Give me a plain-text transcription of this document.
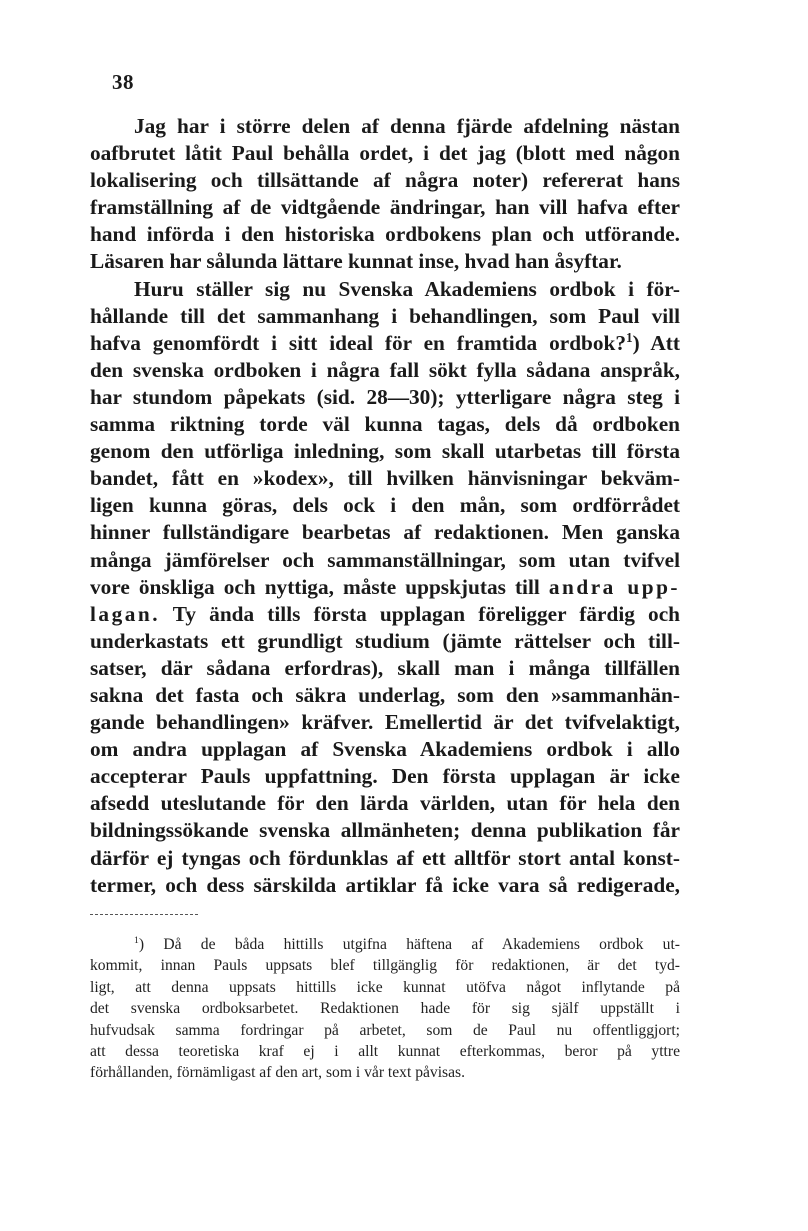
38
Jag har i större delen af denna fjärde afdelning nästan
oafbrutet låtit Paul behålla ordet, i det jag (blott med någon
lokalisering och tillsättande af några noter) refererat hans
framställning af de vidtgående ändringar, han vill hafva efter
hand införda i den historiska ordbokens plan och utförande.
Läsaren har sålunda lättare kunnat inse, hvad han åsyftar.
Huru ställer sig nu Svenska Akademiens ordbok i för-
hållande till det sammanhang i behandlingen, som Paul vill
hafva genomfördt i sitt ideal för en framtida ordbok?$^1$) Att
den svenska ordboken i några fall sökt fylla sådana anspråk,
har stundom påpekats (sid. 28—30); ytterligare några steg i
samma riktning torde väl kunna tagas, dels då ordboken
genom den utförliga inledning, som skall utarbetas till första
bandet, fått en »kodex», till hvilken hänvisningar bekväm-
ligen kunna göras, dels ock i den mån, som ordförrådet
hinner fullständigare bearbetas af redaktionen. Men ganska
många jämförelser och sammanställningar, som utan tvifvel
vore önskliga och nyttiga, måste uppskjutas till andra upp-
lagan. Ty ända tills första upplagan föreligger färdig och
underkastats ett grundligt studium (jämte rättelser och till-
satser, där sådana erfordras), skall man i många tillfällen
sakna det fasta och säkra underlag, som den »sammanhän-
gande behandlingen» kräfver. Emellertid är det tvifvelaktigt,
om andra upplagan af Svenska Akademiens ordbok i allo
accepterar Pauls uppfattning. Den första upplagan är icke
afsedd uteslutande för den lärda världen, utan för hela den
bildningssökande svenska allmänheten; denna publikation får
därför ej tyngas och fördunklas af ett alltför stort antal konst-
termer, och dess särskilda artiklar få icke vara så redigerade,
$^1$) Då de båda hittills utgifna häftena af Akademiens ordbok ut-
kommit, innan Pauls uppsats blef tillgänglig för redaktionen, är det tyd-
ligt, att denna uppsats hittills icke kunnat utöfva något inflytande på
det svenska ordboksarbetet. Redaktionen hade för sig själf uppställt i
hufvudsak samma fordringar på arbetet, som de Paul nu offentliggjort;
att dessa teoretiska kraf ej i allt kunnat efterkommas, beror på yttre
förhållanden, förnämligast af den art, som i vår text påvisas.
